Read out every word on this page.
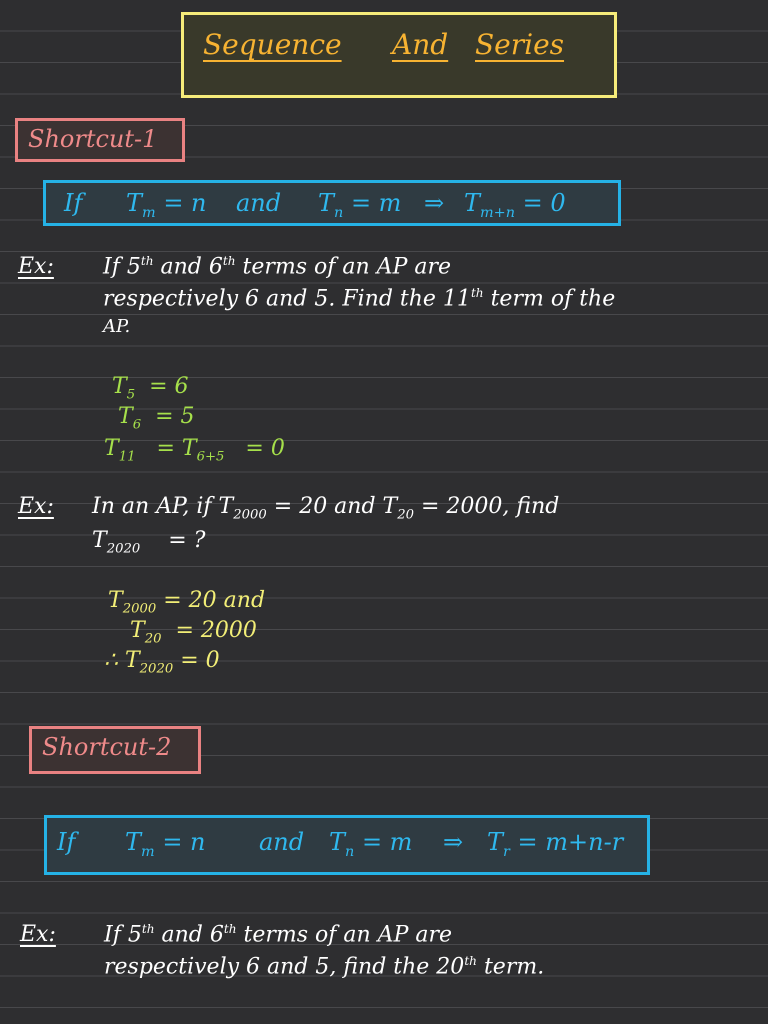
Sequence And Series
Shortcut-1
If $T_m = n$ and $T_n = m$ ⇒ $T_{m+n} = 0$
Ex: If 5th and 6th terms of an AP are
respectively 6 and 5. Find the 11th term of the
AP.
$T_5 = 6$
$T_6 = 5$
$T_{11} = T_{6+5} = 0$
Ex: In an AP, if $T_{2000} = 20$ and $T_{20} = 2000$, find
$T_{2020}$ = ?
$T_{2000} = 20$ and
$T_{20} = 2000$
∴ $T_{2020} = 0$
Shortcut-2
If $T_m = n$ and $T_n = m$ ⇒ $T_r = m+n-r$
Ex: If 5th and 6th terms of an AP are
respectively 6 and 5, find the 20th term.
